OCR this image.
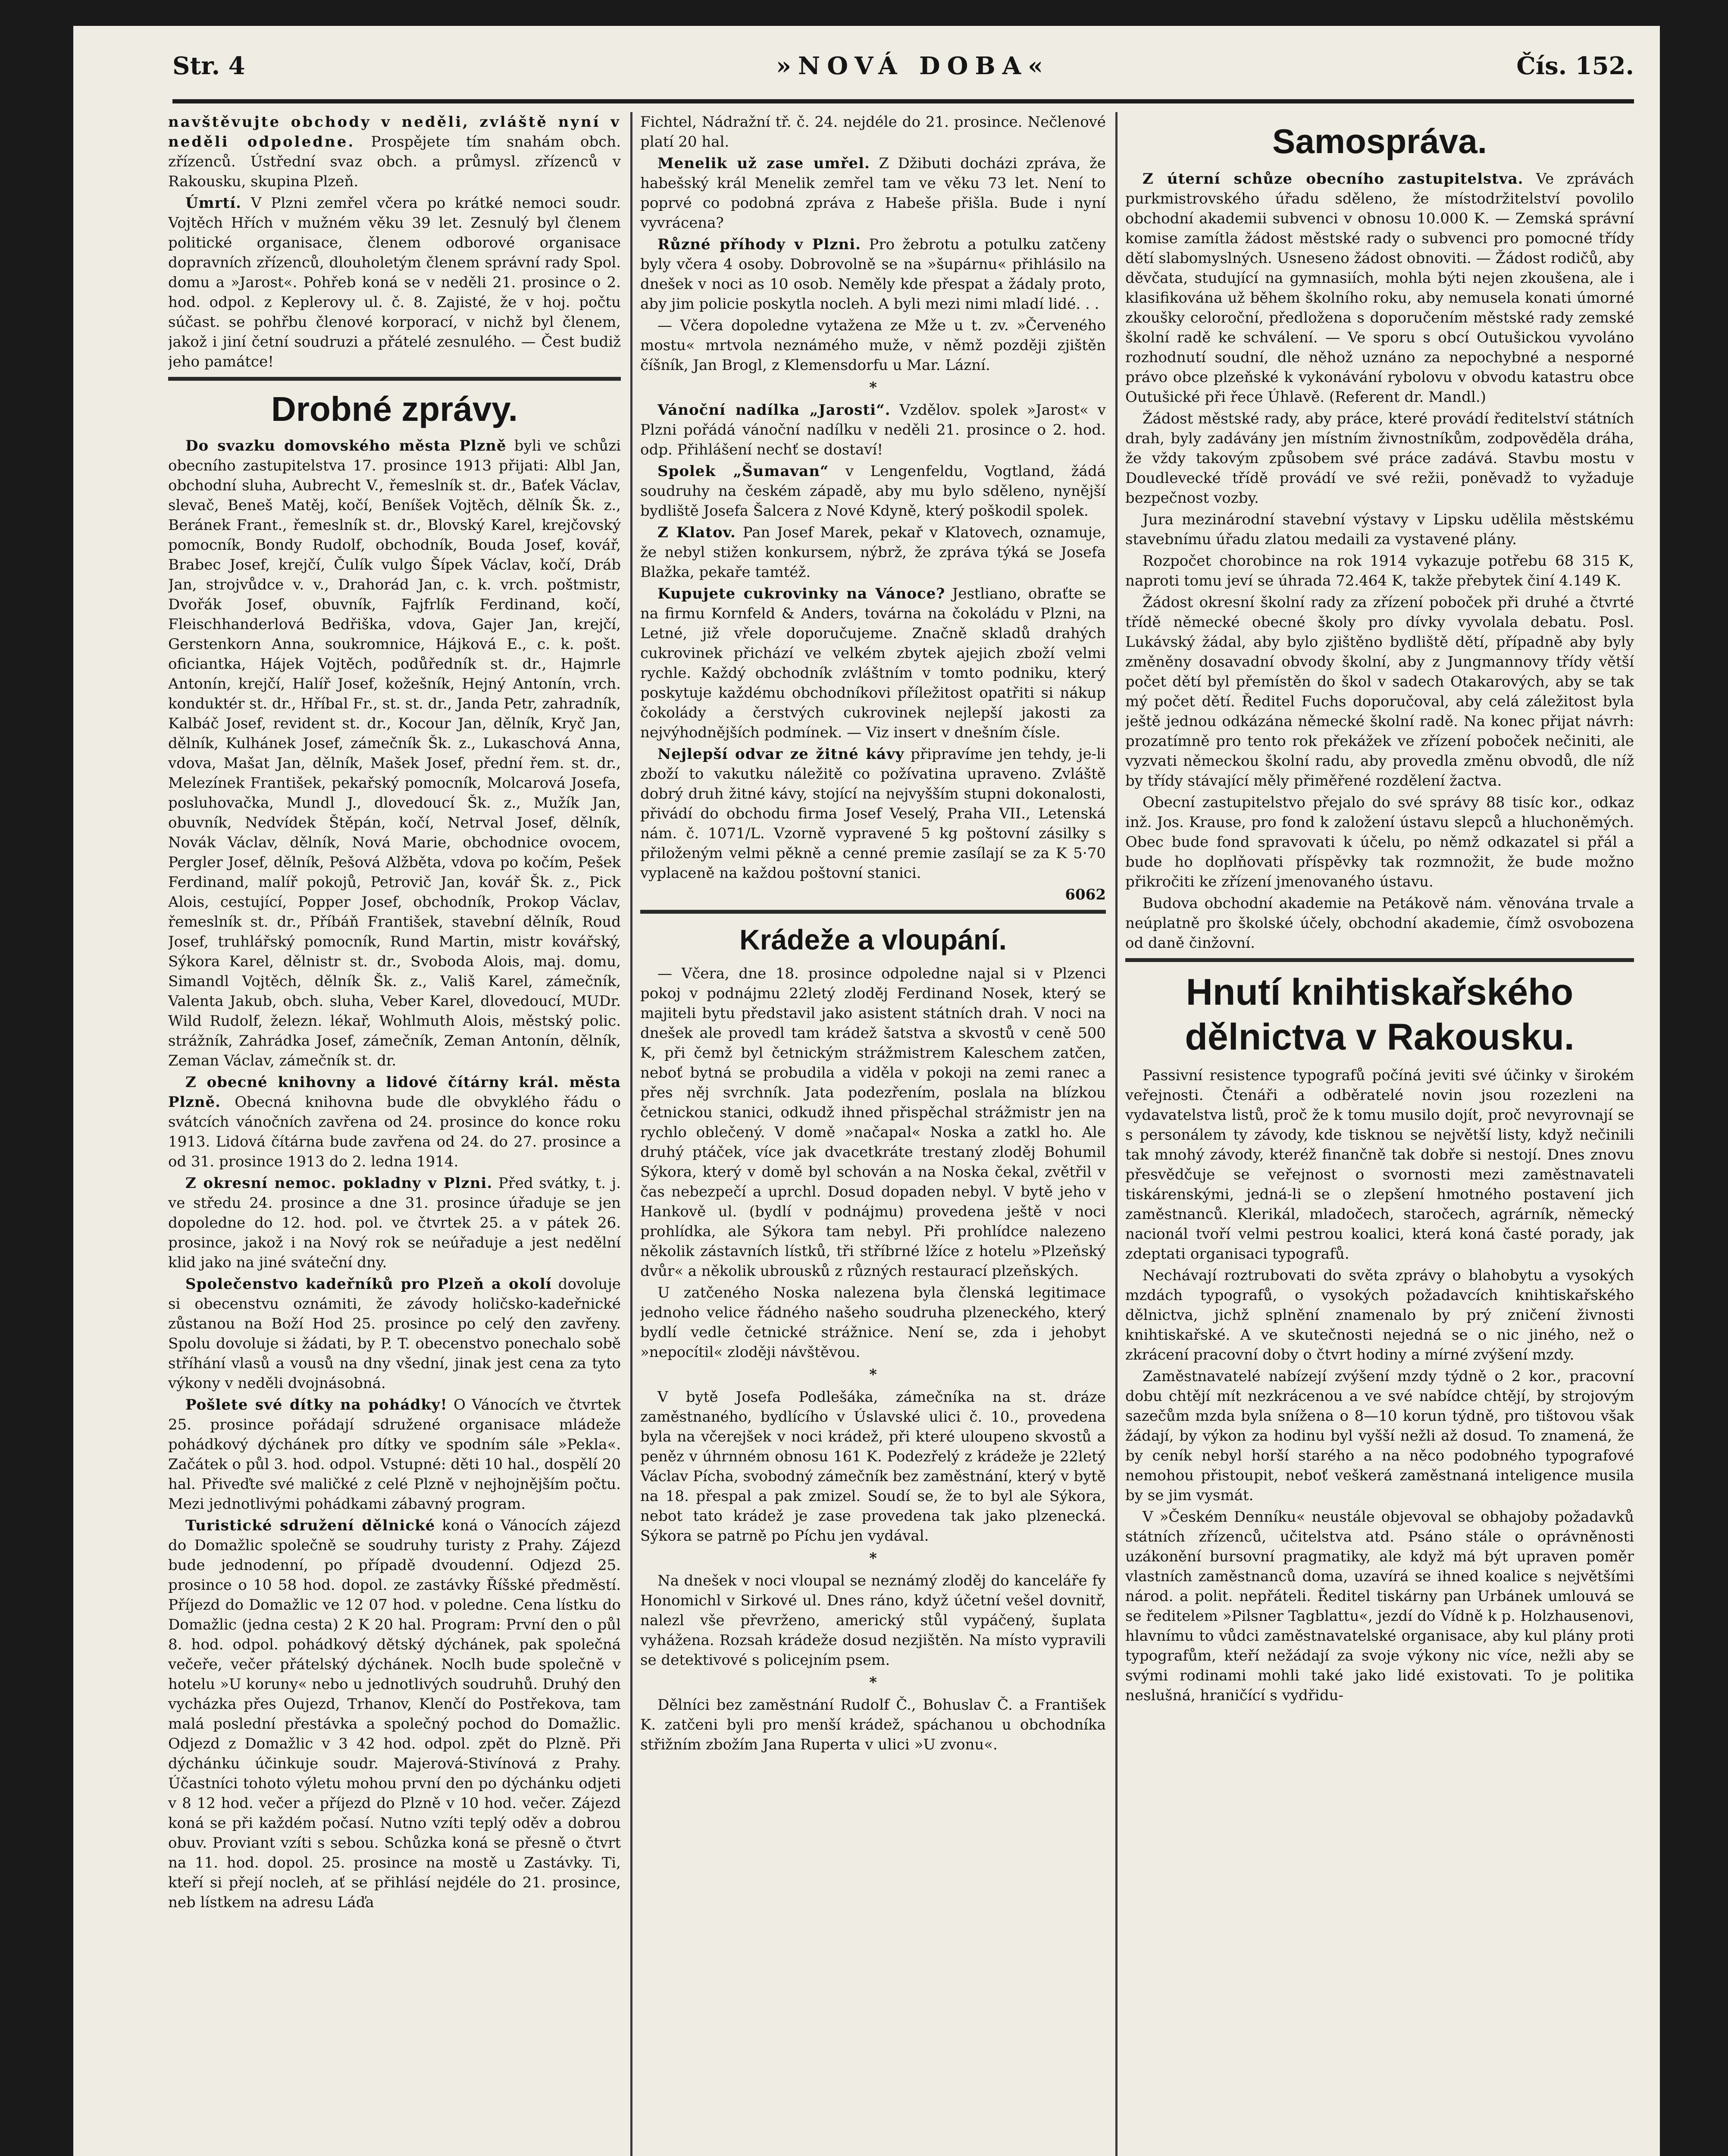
Str. 4	»NOVÁ DOBA«	Čís. 152.

navštěvujte obchody v neděli, zvláště nyní v neděli odpoledne. Prospějete tím snahám obch. zřízenců. Ústřední svaz obch. a průmysl. zřízenců v Rakousku, skupina Plzeň.

Úmrtí. V Plzni zemřel včera po krátké nemoci soudr. Vojtěch Hřích v mužném věku 39 let. Zesnulý byl členem politické organisace, členem odborové organisace dopravních zřízenců, dlouholetým členem správní rady Spol. domu a »Jarost«. Pohřeb koná se v neděli 21. prosince o 2. hod. odpol. z Keplerovy ul. č. 8. Zajisté, že v hoj. počtu súčast. se pohřbu členové korporací, v nichž byl členem, jakož i jiní četní soudruzi a přátelé zesnulého. — Čest budiž jeho památce!

Drobné zprávy.

Do svazku domovského města Plzně byli ve schůzi obecního zastupitelstva 17. prosince 1913 přijati: Albl Jan, obchodní sluha, Aubrecht V., řemeslník st. dr., Baťek Václav, slevač, Beneš Matěj, kočí, Beníšek Vojtěch, dělník Šk. z., Beránek Frant., řemeslník st. dr., Blovský Karel, krejčovský pomocník, Bondy Rudolf, obchodník, Bouda Josef, kovář, Brabec Josef, krejčí, Čulík vulgo Šípek Václav, kočí, Dráb Jan, strojvůdce v. v., Drahorád Jan, c. k. vrch. poštmistr, Dvořák Josef, obuvník, Fajfrlík Ferdinand, kočí, Fleischhanderlová Bedřiška, vdova, Gajer Jan, krejčí, Gerstenkorn Anna, soukromnice, Hájková E., c. k. pošt. oficiantka, Hájek Vojtěch, podůředník st. dr., Hajmrle Antonín, krejčí, Halíř Josef, kožešník, Hejný Antonín, vrch. konduktér st. dr., Hříbal Fr., st. st. dr., Janda Petr, zahradník, Kalbáč Josef, revident st. dr., Kocour Jan, dělník, Kryč Jan, dělník, Kulhánek Josef, zámečník Šk. z., Lukaschová Anna, vdova, Mašat Jan, dělník, Mašek Josef, přední řem. st. dr., Melezínek František, pekařský pomocník, Molcarová Josefa, posluhovačka, Mundl J., dlovedoucí Šk. z., Mužík Jan, obuvník, Nedvídek Štěpán, kočí, Netrval Josef, dělník, Novák Václav, dělník, Nová Marie, obchodnice ovocem, Pergler Josef, dělník, Pešová Alžběta, vdova po kočím, Pešek Ferdinand, malíř pokojů, Petrovič Jan, kovář Šk. z., Pick Alois, cestující, Popper Josef, obchodník, Prokop Václav, řemeslník st. dr., Příbáň František, stavební dělník, Roud Josef, truhlářský pomocník, Rund Martin, mistr kovářský, Sýkora Karel, dělnistr st. dr., Svoboda Alois, maj. domu, Simandl Vojtěch, dělník Šk. z., Vališ Karel, zámečník, Valenta Jakub, obch. sluha, Veber Karel, dlovedoucí, MUDr. Wild Rudolf, železn. lékař, Wohlmuth Alois, městský polic. strážník, Zahrádka Josef, zámečník, Zeman Antonín, dělník, Zeman Václav, zámečník st. dr.

Z obecné knihovny a lidové čítárny král. města Plzně. Obecná knihovna bude dle obvyklého řádu o svátcích vánočních zavřena od 24. prosince do konce roku 1913. Lidová čítárna bude zavřena od 24. do 27. prosince a od 31. prosince 1913 do 2. ledna 1914.

Z okresní nemoc. pokladny v Plzni. Před svátky, t. j. ve středu 24. prosince a dne 31. prosince úřaduje se jen dopoledne do 12. hod. pol. ve čtvrtek 25. a v pátek 26. prosince, jakož i na Nový rok se neúřaduje a jest nedělní klid jako na jiné sváteční dny.

Společenstvo kadeřníků pro Plzeň a okolí dovoluje si obecenstvu oznámiti, že závody holičsko-kadeřnické zůstanou na Boží Hod 25. prosince po celý den zavřeny. Spolu dovoluje si žádati, by P. T. obecenstvo ponechalo sobě stříhání vlasů a vousů na dny všední, jinak jest cena za tyto výkony v neděli dvojnásobná.

Pošlete své dítky na pohádky! O Vánocích ve čtvrtek 25. prosince pořádají sdružené organisace mládeže pohádkový dýchánek pro dítky ve spodním sále »Peklа«. Začátek o půl 3. hod. odpol. Vstupné: děti 10 hal., dospělí 20 hal. Přiveďte své maličké z celé Plzně v nejhojnějším počtu. Mezi jednotlivými pohádkami zábavný program.

Turistické sdružení dělnické koná o Vánocích zájezd do Domažlic společně se soudruhy turisty z Prahy. Zájezd bude jednodenní, po případě dvoudenní. Odjezd 25. prosince o 10 58 hod. dopol. ze zastávky Říšské předměstí. Příjezd do Domažlic ve 12 07 hod. v poledne. Cena lístku do Domažlic (jedna cesta) 2 K 20 hal. Program: První den o půl 8. hod. odpol. pohádkový dětský dýchánek, pak společná večeře, večer přátelský dýchánek. Noclh bude společně v hotelu »U koruny« nebo u jednotlivých soudruhů. Druhý den vycházka přes Oujezd, Trhanov, Klenčí do Postřekova, tam malá poslední přestávka a společný pochod do Domažlic. Odjezd z Domažlic v 3 42 hod. odpol. zpět do Plzně. Při dýchánku účinkuje soudr. Majerová-Stivínová z Prahy. Účastníci tohoto výletu mohou první den po dýchánku odjeti v 8 12 hod. večer a příjezd do Plzně v 10 hod. večer. Zájezd koná se při každém počasí. Nutno vzíti teplý oděv a dobrou obuv. Proviant vzíti s sebou. Schůzka koná se přesně o čtvrt na 11. hod. dopol. 25. prosince na mostě u Zastávky. Ti, kteří si přejí noclеh, ať se přihlásí nejdéle do 21. prosince, neb lístkem na adresu Láďa

Fichtel, Nádražní tř. č. 24. nejdéle do 21. prosince. Nečlenové platí 20 hal.

Menelik už zase umřel. Z Džibuti docházi zpráva, že habešský král Menelik zemřel tam ve věku 73 let. Není to poprvé co podobná zpráva z Habeše přišla. Bude i nyní vyvrácena?

Různé příhody v Plzni. Pro žebrotu a potulku zatčeny byly včera 4 osoby. Dobrovolně se na »šupárnu« přihlásilo na dnešek v noci as 10 osob. Neměly kde přespat a žádaly proto, aby jim policie poskytla noclеh. A byli mezi nimi mladí lidé. . .

— Včera dopoledne vytažena ze Mže u t. zv. »Červeného mostu« mrtvola neznámého muže, v němž později zjištěn číšník, Jan Brogl, z Klemensdorfu u Mar. Lázní.

*

Vánoční nadílka „Jarosti“. Vzdělov. spolek »Jarost« v Plzni pořádá vánoční nadílku v neděli 21. prosince o 2. hod. odp. Přihlášení nechť se dostaví!

Spolek „Šumavan“ v Lengenfeldu, Vogtland, žádá soudruhy na českém západě, aby mu bylo sděleno, nynější bydliště Josefa Šalcera z Nové Kdyně, který poškodil spolek.

Z Klatov. Pan Josef Marek, pekař v Klatovech, oznamuje, že nebyl stižen konkursem, nýbrž, že zpráva týká se Josefa Blažka, pekaře tamtéž.

Kupujete cukrovinky na Vánoce? Jestliano, obraťte se na firmu Kornfeld & Anders, továrna na čokoládu v Plzni, na Letné, již vřele doporučujeme. Značně skladů drahých cukrovinek přichází ve velkém zbytek ajejich zboží velmi rychle. Každý obchodník zvláštním v tomto podniku, který poskytuje každému obchodníkovi příležitost opatřiti si nákup čokolády a čerstvých cukrovinek nejlepší jakosti za nejvýhodnějších podmínek. — Viz insert v dnešním čísle.

Nejlepší odvar ze žitné kávy připravíme jen tehdy, je-li zboží to vakutku náležitě co požívatina upraveno. Zvláště dobrý druh žitné kávy, stojící na nejvyšším stupni dokonalosti, přivádí do obchodu firma Josef Veselý, Praha VII., Letenská nám. č. 1071/L. Vzorně vypravené 5 kg poštovní zásilky s přiloženým velmi pěkně a cenné premie zasílají se za K 5·70 vyplaceně na každou poštovní stanici.

6062
Krádeže a vloupání.

— Včera, dne 18. prosince odpoledne najal si v Plzenci pokoj v podnájmu 22letý zloděj Ferdinand Nosek, který se majiteli bytu představil jako asistent státních drah. V noci na dnešek ale provedl tam krádež šatstva a skvostů v ceně 500 K, při čemž byl četnickým strážmistrem Kaleschem zatčen, neboť bytná se probudila a viděla v pokoji na zemi ranec a přes něj svrchník. Jata podezřením, poslala na blízkou četnickou stanici, odkudž ihned přispěchal strážmistr jen na rychlo oblečený. V domě »načapal« Noska a zatkl ho. Ale druhý ptáček, více jak dvacetkráte trestaný zloděj Bohumil Sýkora, který v domě byl schován a na Noska čekal, zvětřil v čas nebezpečí a uprchl. Dosud dopaden nebyl. V bytě jeho v Hankově ul. (bydlí v podnájmu) provedena ještě v noci prohlídka, ale Sýkora tam nebyl. Při prohlídce nalezeno několik zástavních lístků, tři stříbrné lžíce z hotelu »Plzeňský dvůr« a několik ubrousků z různých restaurací plzeňských.

U zatčeného Noska nalezena byla členská legitimace jednoho velice řádného našeho soudruha plzeneckého, který bydlí vedle četnické strážnice. Není se, zda i jehobyt »nepocítil« zloději návštěvou.

*

V bytě Josefa Podlešáka, zámečníka na st. dráze zaměstnaného, bydlícího v Úslavské ulici č. 10., provedena byla na včerejšek v noci krádež, při které uloupeno skvostů a peněz v úhrnném obnosu 161 K. Podezřelý z krádeže je 22letý Václav Pícha, svobodný zámečník bez zaměstnání, který v bytě na 18. přespal a pak zmizel. Soudí se, že to byl ale Sýkora, nebot tato krádež je zase provedena tak jako plzenecká. Sýkora se patrně po Píchu jen vydával.

*

Na dnešek v noci vloupal se neznámý zloděj do kanceláře fy Honomichl v Sirkové ul. Dnes ráno, když účetní vešel dovnitř, nalezl vše převrženo, americký stůl vypáčený, šuplata vyhážena. Rozsah krádeže dosud nezjištěn. Na místo vypravili se detektivové s policejním psem.

*

Dělníci bez zaměstnání Rudolf Č., Bohuslav Č. a František K. zatčeni byli pro menší krádež, spáchanou u obchodníka střižním zbožím Jana Ruperta v ulici »U zvonu«.

Samospráva.

Z úterní schůze obecního zastupitelstva. Ve zprávách purkmistrovského úřadu sděleno, že místodržitelství povolilo obchodní akademii subvenci v obnosu 10.000 K. — Zemská správní komise zamítla žádost městské rady o subvenci pro pomocné třídy dětí slabomyslných. Usneseno žádost obnoviti. — Žádost rodičů, aby děvčata, studující na gymnasiích, mohla býti nejen zkoušena, ale i klasifikována už během školního roku, aby nemusela konati úmorné zkoušky celoroční, předložena s doporučením městské rady zemské školní radě ke schválení. — Ve sporu s obcí Outušickou vyvoláno rozhodnutí soudní, dle něhož uznáno za nepochybné a nesporné právo obce plzeňské k vykonávání rybolovu v obvodu katastru obce Outušické při řece Úhlavě. (Referent dr. Mandl.)

Žádost městské rady, aby práce, které provádí ředitelství státních drah, byly zadávány jen místním živnostníkům, zodpověděla dráha, že vždy takovým způsobem své práce zadává. Stavbu mostu v Doudlevecké třídě provádí ve své režii, poněvadž to vyžaduje bezpečnost vozby.

Jura mezinárodní stavební výstavy v Lipsku udělila městskému stavebnímu úřadu zlatou medaili za vystavené plány.

Rozpočet chorobince na rok 1914 vykazuje potřebu 68 315 K, naproti tomu jeví se úhrada 72.464 K, takže přebytek činí 4.149 K.

Žádost okresní školní rady za zřízení poboček při druhé a čtvrté třídě německé obecné školy pro dívky vyvolala debatu. Posl. Lukávský žádal, aby bylo zjištěno bydliště dětí, případně aby byly změněny dosavadní obvody školní, aby z Jungmannovy třídy větší počet dětí byl přemístěn do škol v sadech Otakarových, aby se tak mý počet dětí. Ředitel Fuchs doporučoval, aby celá záležitost byla ještě jednou odkázána německé školní radě. Na konec přijat návrh: prozatímně pro tento rok překážek ve zřízení poboček nečiniti, ale vyzvati německou školní radu, aby provedla změnu obvodů, dle níž by třídy stávající měly přiměřené rozdělení žactva.

Obecní zastupitelstvo přejalo do své správy 88 tisíc kor., odkaz inž. Jos. Krause, pro fond k založení ústavu slepců a hluchoněmých. Obec bude fond spravovati k účelu, po němž odkazatel si přál a bude ho doplňovati příspěvky tak rozmnožit, že bude možno přikročiti ke zřízení jmenovaného ústavu.

Budova obchodní akademie na Petákově nám. věnována trvale a neúplatně pro školské účely, obchodní akademie, čímž osvobozena od daně činžovní.

Hnutí knihtiskařského dělnictva v Rakousku.

Passivní resistence typografů počíná jeviti své účinky v širokém veřejnosti. Čtenáři a odběratelé novin jsou rozezleni na vydavatelstva listů, proč že k tomu musilo dojít, proč nevyrovnají se s personálem ty závody, kde tisknou se největší listy, když nečinili tak mnohý závody, kteréž finančně tak dobře si nestojí. Dnes znovu přesvědčuje se veřejnost o svornosti mezi zaměstnavateli tiskárenskými, jedná-li se o zlepšení hmotného postavení jich zaměstnanců. Klerikál, mladočech, staročech, agrárník, německý nacionál tvoří velmi pestrou koalici, která koná časté porady, jak zdeptati organisaci typografů.

Nechávají roztrubovati do světa zprávy o blahobytu a vysokých mzdách typografů, o vysokých požadavcích knihtiskařského dělnictva, jichž splnění znamenalo by prý zničení živnosti knihtiskařské. A ve skutečnosti nejedná se o nic jiného, než o zkrácení pracovní doby o čtvrt hodiny a mírné zvýšení mzdy.

Zaměstnavatelé nabízejí zvýšení mzdy týdně o 2 kor., pracovní dobu chtějí mít nezkrácenou a ve své nabídce chtějí, by strojovým sazečům mzda byla snížena o 8—10 korun týdně, pro tištovou však žádají, by výkon za hodinu byl vyšší nežli až dosud. To znamená, že by ceník nebyl horší starého a na něco podobného typografové nemohou přistoupit, neboť veškerá zaměstnaná inteligence musila by se jim vysmát.

V »Českém Denníku« neustále objevoval se obhajoby požadavků státních zřízenců, učitelstva atd. Psáno stále o oprávněnosti uzákonění bursovní pragmatiky, ale když má být upraven poměr vlastních zaměstnanců doma, uzavírá se ihned koalice s největšími národ. a polit. nepřáteli. Ředitel tiskárny pan Urbánek umlouvá se se ředitelem »Pilsner Tagblattu«, jezdí do Vídně k p. Holzhausenovi, hlavnímu to vůdci zaměstnavatelské organisace, aby kul plány proti typografům, kteří nežádají za svoje výkony nic více, nežli aby se svými rodinami mohli také jako lidé existovati. To je politika neslušná, hraničící s vydřidu-
